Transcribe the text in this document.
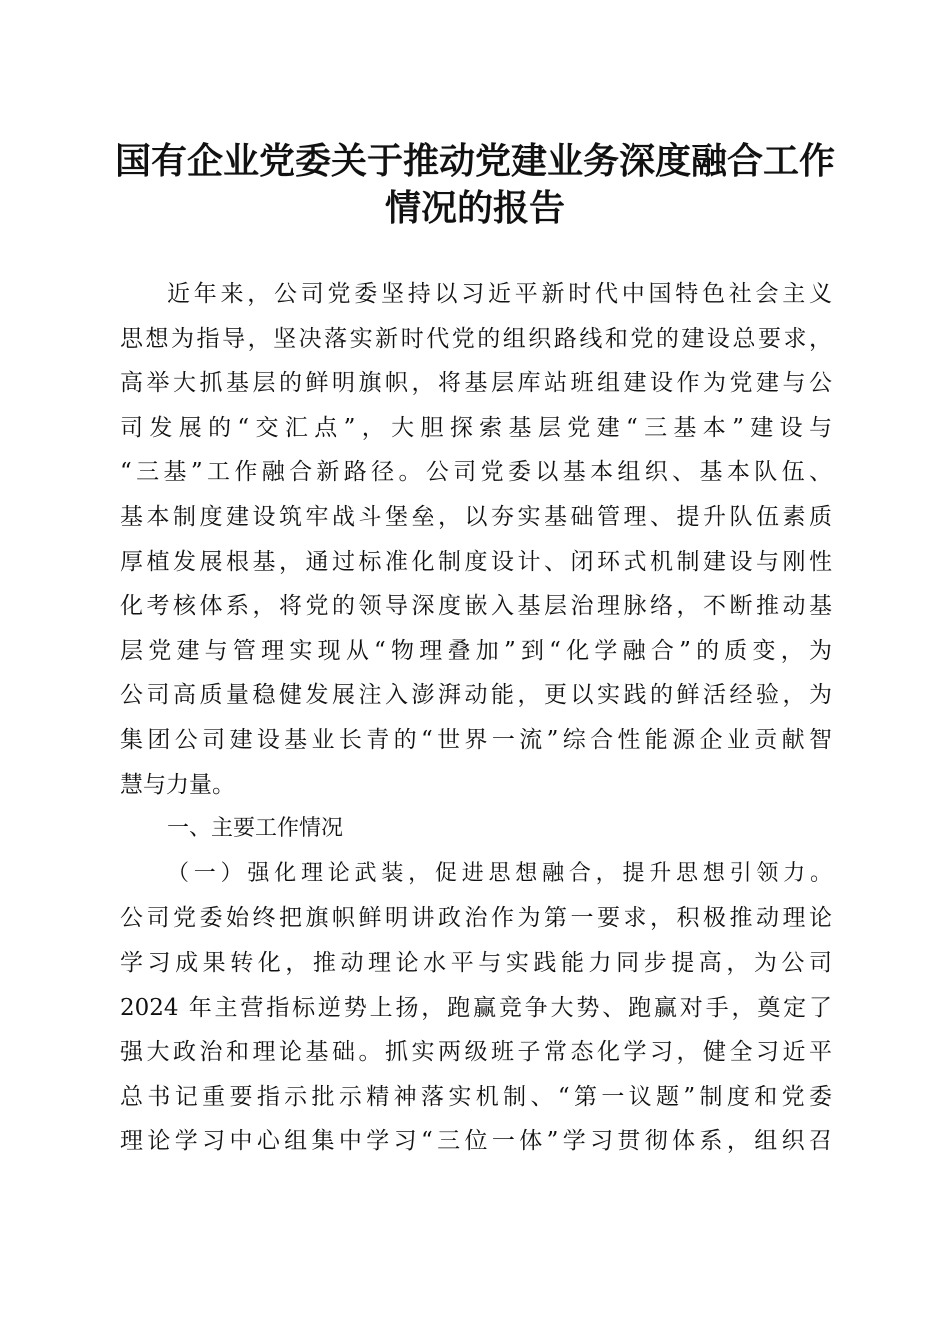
国有企业党委关于推动党建业务深度融合工作
情况的报告
近年来，公司党委坚持以习近平新时代中国特色社会主义
思想为指导，坚决落实新时代党的组织路线和党的建设总要求，
高举大抓基层的鲜明旗帜，将基层库站班组建设作为党建与公
司发展的“交汇点”，大胆探索基层党建“三基本”建设与
“三基”工作融合新路径。公司党委以基本组织、基本队伍、
基本制度建设筑牢战斗堡垒，以夯实基础管理、提升队伍素质
厚植发展根基，通过标准化制度设计、闭环式机制建设与刚性
化考核体系，将党的领导深度嵌入基层治理脉络，不断推动基
层党建与管理实现从“物理叠加”到“化学融合”的质变，为
公司高质量稳健发展注入澎湃动能，更以实践的鲜活经验，为
集团公司建设基业长青的“世界一流”综合性能源企业贡献智
慧与力量。
一、主要工作情况
（一）强化理论武装，促进思想融合，提升思想引领力。
公司党委始终把旗帜鲜明讲政治作为第一要求，积极推动理论
学习成果转化，推动理论水平与实践能力同步提高，为公司
2024 年主营指标逆势上扬，跑赢竞争大势、跑赢对手，奠定了
强大政治和理论基础。抓实两级班子常态化学习，健全习近平
总书记重要指示批示精神落实机制、“第一议题”制度和党委
理论学习中心组集中学习“三位一体”学习贯彻体系，组织召
